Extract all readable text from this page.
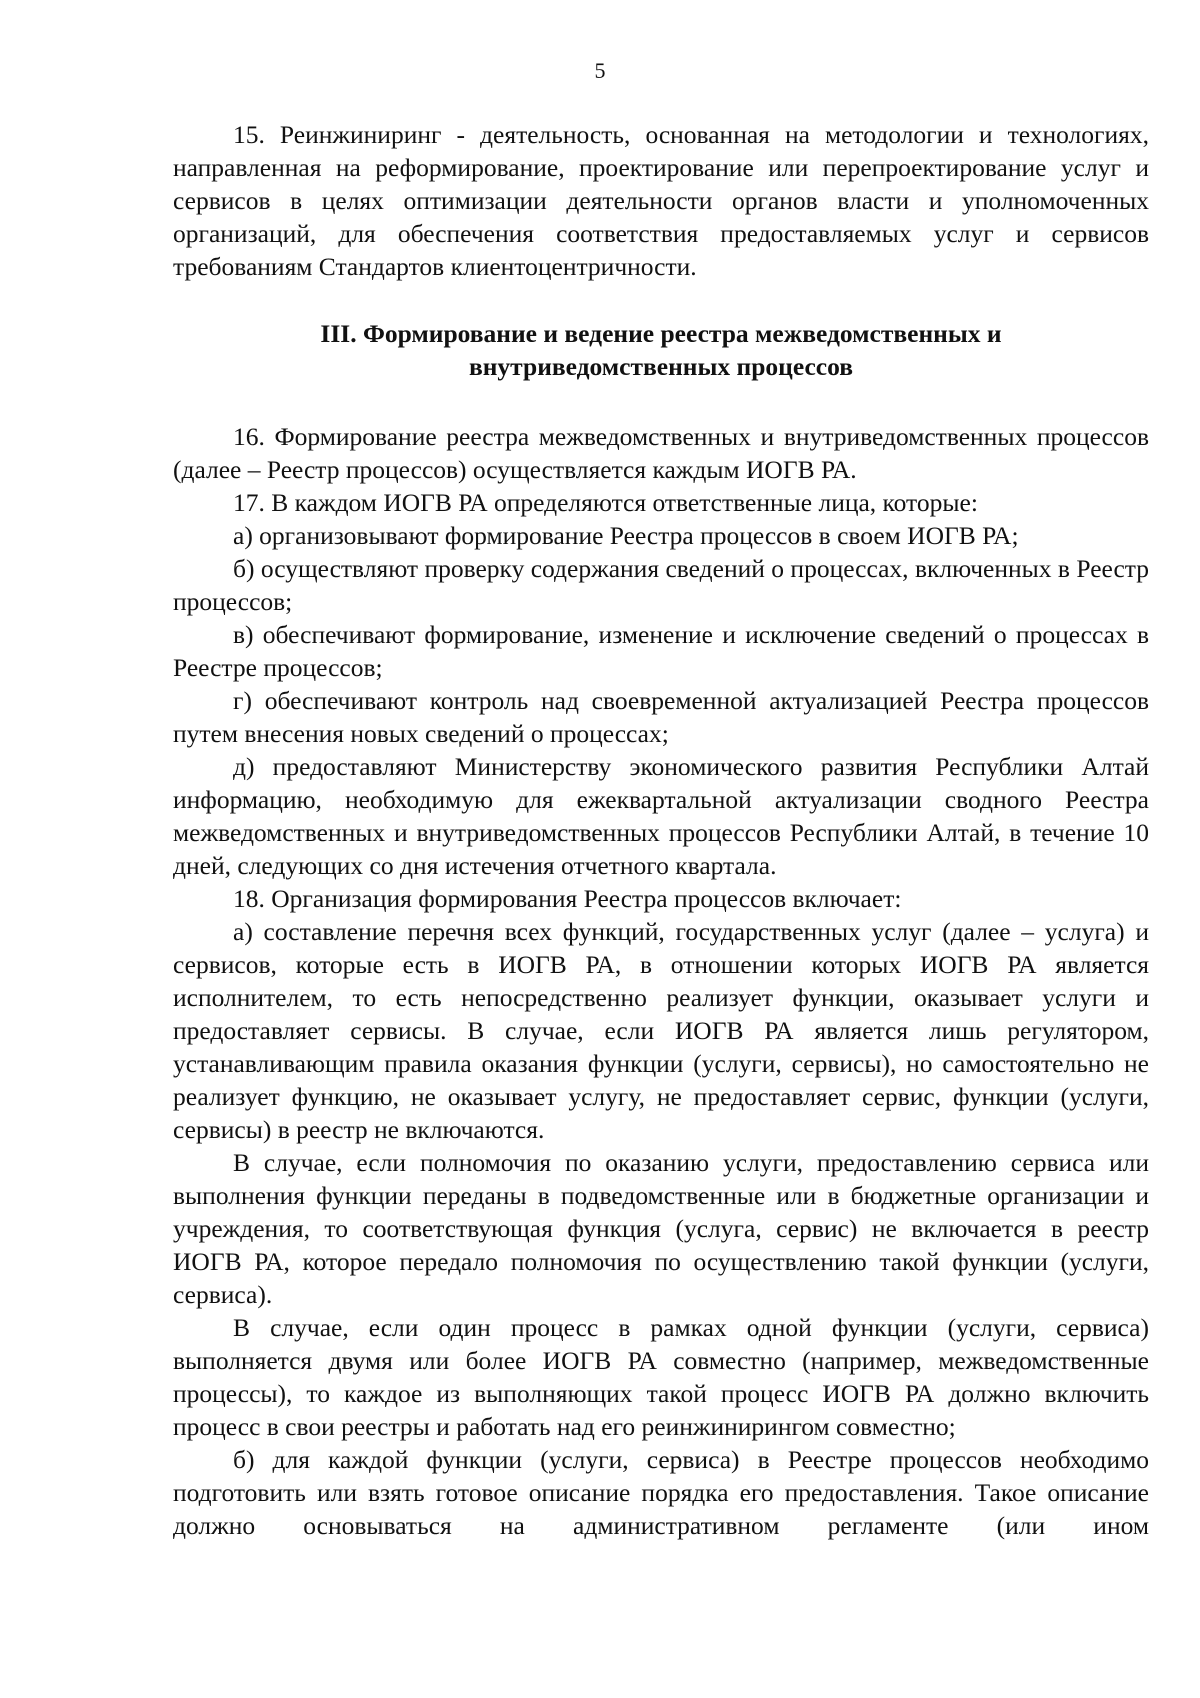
5

15. Реинжиниринг - деятельность, основанная на методологии и технологиях, направленная на реформирование, проектирование или перепроектирование услуг и сервисов в целях оптимизации деятельности органов власти и уполномоченных организаций, для обеспечения соответствия предоставляемых услуг и сервисов требованиям Стандартов клиентоцентричности.

III. Формирование и ведение реестра межведомственных и
внутриведомственных процессов

16. Формирование реестра межведомственных и внутриведомственных процессов (далее – Реестр процессов) осуществляется каждым ИОГВ РА.

17. В каждом ИОГВ РА определяются ответственные лица, которые:

а) организовывают формирование Реестра процессов в своем ИОГВ РА;

б) осуществляют проверку содержания сведений о процессах, включенных в Реестр процессов;

в) обеспечивают формирование, изменение и исключение сведений о процессах в Реестре процессов;

г) обеспечивают контроль над своевременной актуализацией Реестра процессов путем внесения новых сведений о процессах;

д) предоставляют Министерству экономического развития Республики Алтай информацию, необходимую для ежеквартальной актуализации сводного Реестра межведомственных и внутриведомственных процессов Республики Алтай, в течение 10 дней, следующих со дня истечения отчетного квартала.

18. Организация формирования Реестра процессов включает:

а) составление перечня всех функций, государственных услуг (далее – услуга) и сервисов, которые есть в ИОГВ РА, в отношении которых ИОГВ РА является исполнителем, то есть непосредственно реализует функции, оказывает услуги и предоставляет сервисы. В случае, если ИОГВ РА является лишь регулятором, устанавливающим правила оказания функции (услуги, сервисы), но самостоятельно не реализует функцию, не оказывает услугу, не предоставляет сервис, функции (услуги, сервисы) в реестр не включаются.

В случае, если полномочия по оказанию услуги, предоставлению сервиса или выполнения функции переданы в подведомственные или в бюджетные организации и учреждения, то соответствующая функция (услуга, сервис) не включается в реестр ИОГВ РА, которое передало полномочия по осуществлению такой функции (услуги, сервиса).

В случае, если один процесс в рамках одной функции (услуги, сервиса) выполняется двумя или более ИОГВ РА совместно (например, межведомственные процессы), то каждое из выполняющих такой процесс ИОГВ РА должно включить процесс в свои реестры и работать над его реинжинирингом совместно;

б) для каждой функции (услуги, сервиса) в Реестре процессов необходимо подготовить или взять готовое описание порядка его предоставления. Такое описание должно основываться на административном регламенте (или ином
